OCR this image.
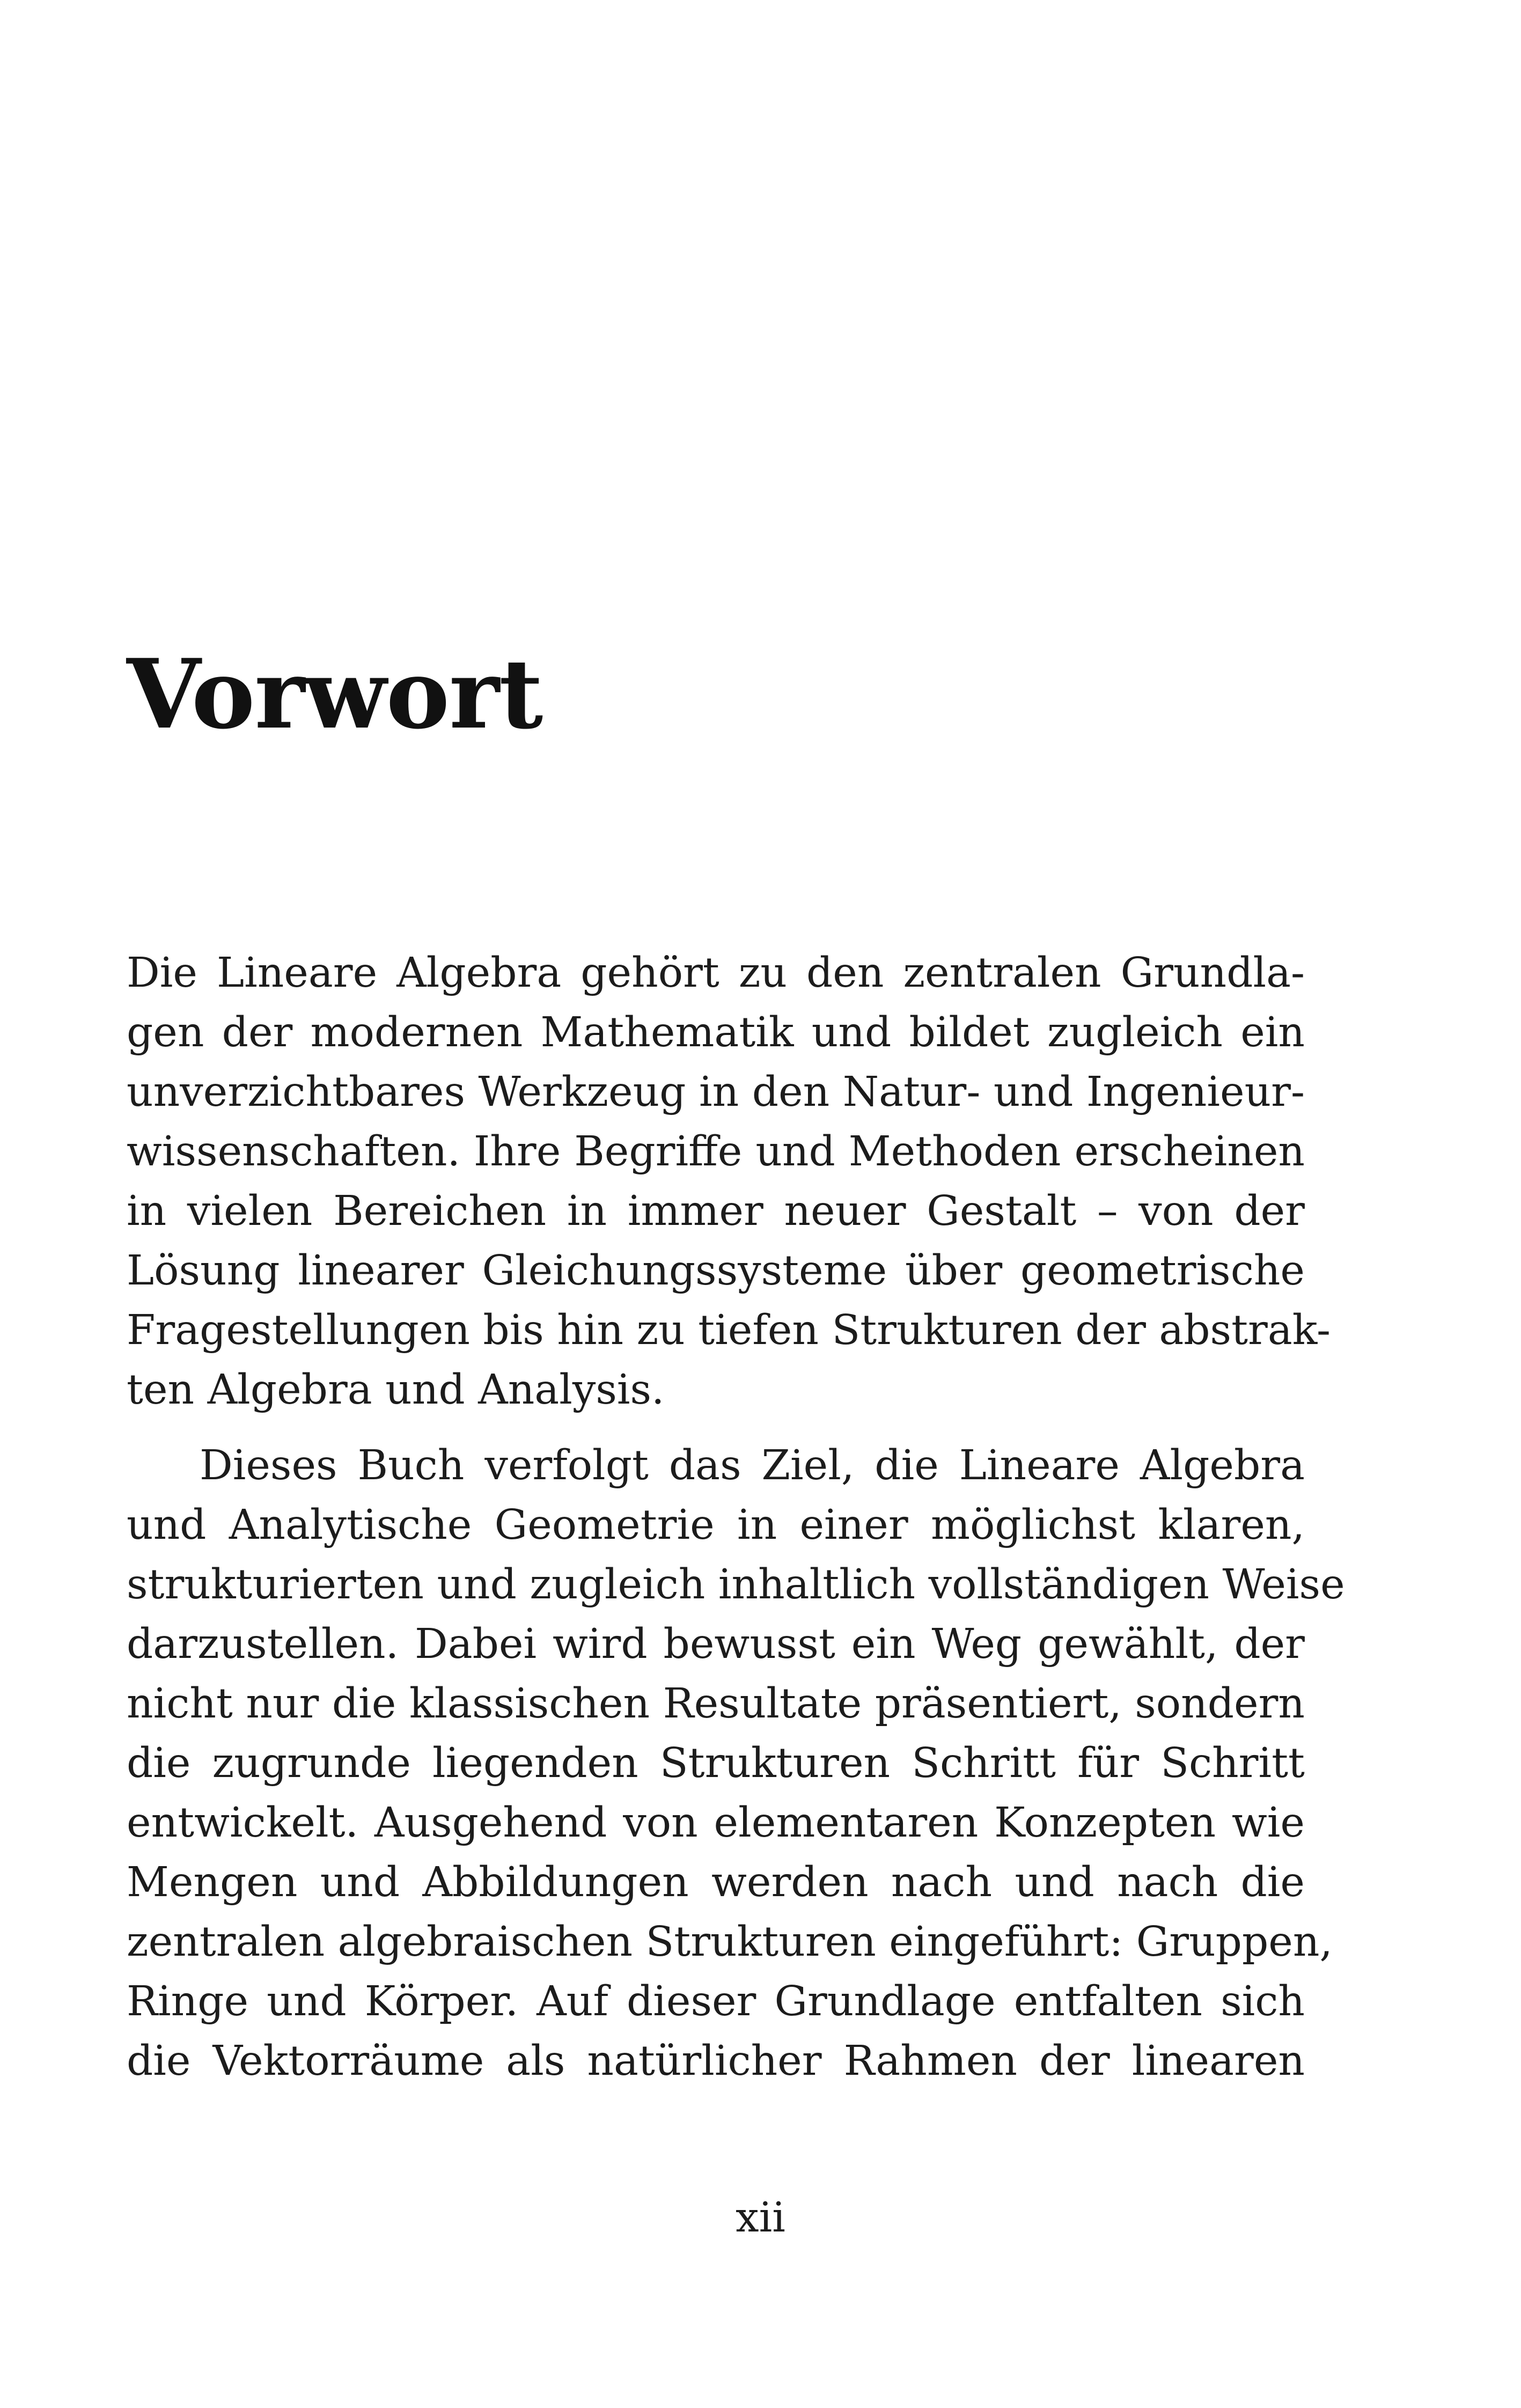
Vorwort
Die Lineare Algebra gehört zu den zentralen Grundla-
gen der modernen Mathematik und bildet zugleich ein
unverzichtbares Werkzeug in den Natur- und Ingenieur-
wissenschaften. Ihre Begriffe und Methoden erscheinen
in vielen Bereichen in immer neuer Gestalt – von der
Lösung linearer Gleichungssysteme über geometrische
Fragestellungen bis hin zu tiefen Strukturen der abstrak-
ten Algebra und Analysis.
Dieses Buch verfolgt das Ziel, die Lineare Algebra
und Analytische Geometrie in einer möglichst klaren,
strukturierten und zugleich inhaltlich vollständigen Weise
darzustellen. Dabei wird bewusst ein Weg gewählt, der
nicht nur die klassischen Resultate präsentiert, sondern
die zugrunde liegenden Strukturen Schritt für Schritt
entwickelt. Ausgehend von elementaren Konzepten wie
Mengen und Abbildungen werden nach und nach die
zentralen algebraischen Strukturen eingeführt: Gruppen,
Ringe und Körper. Auf dieser Grundlage entfalten sich
die Vektorräume als natürlicher Rahmen der linearen
xii
